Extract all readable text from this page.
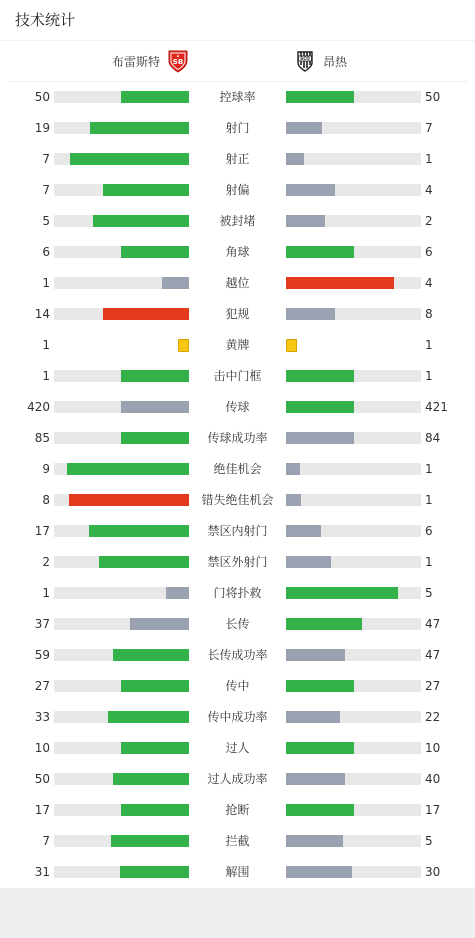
技术统计
布雷斯特 SB	SCO 昂热
50	控球率	50
19	射门	7
7	射正	1
7	射偏	4
5	被封堵	2
6	角球	6
1	越位	4
14	犯规	8
1	黄牌	1
1	击中门框	1
420	传球	421
85	传球成功率	84
9	绝佳机会	1
8	错失绝佳机会	1
17	禁区内射门	6
2	禁区外射门	1
1	门将扑救	5
37	长传	47
59	长传成功率	47
27	传中	27
33	传中成功率	22
10	过人	10
50	过人成功率	40
17	抢断	17
7	拦截	5
31	解围	30
